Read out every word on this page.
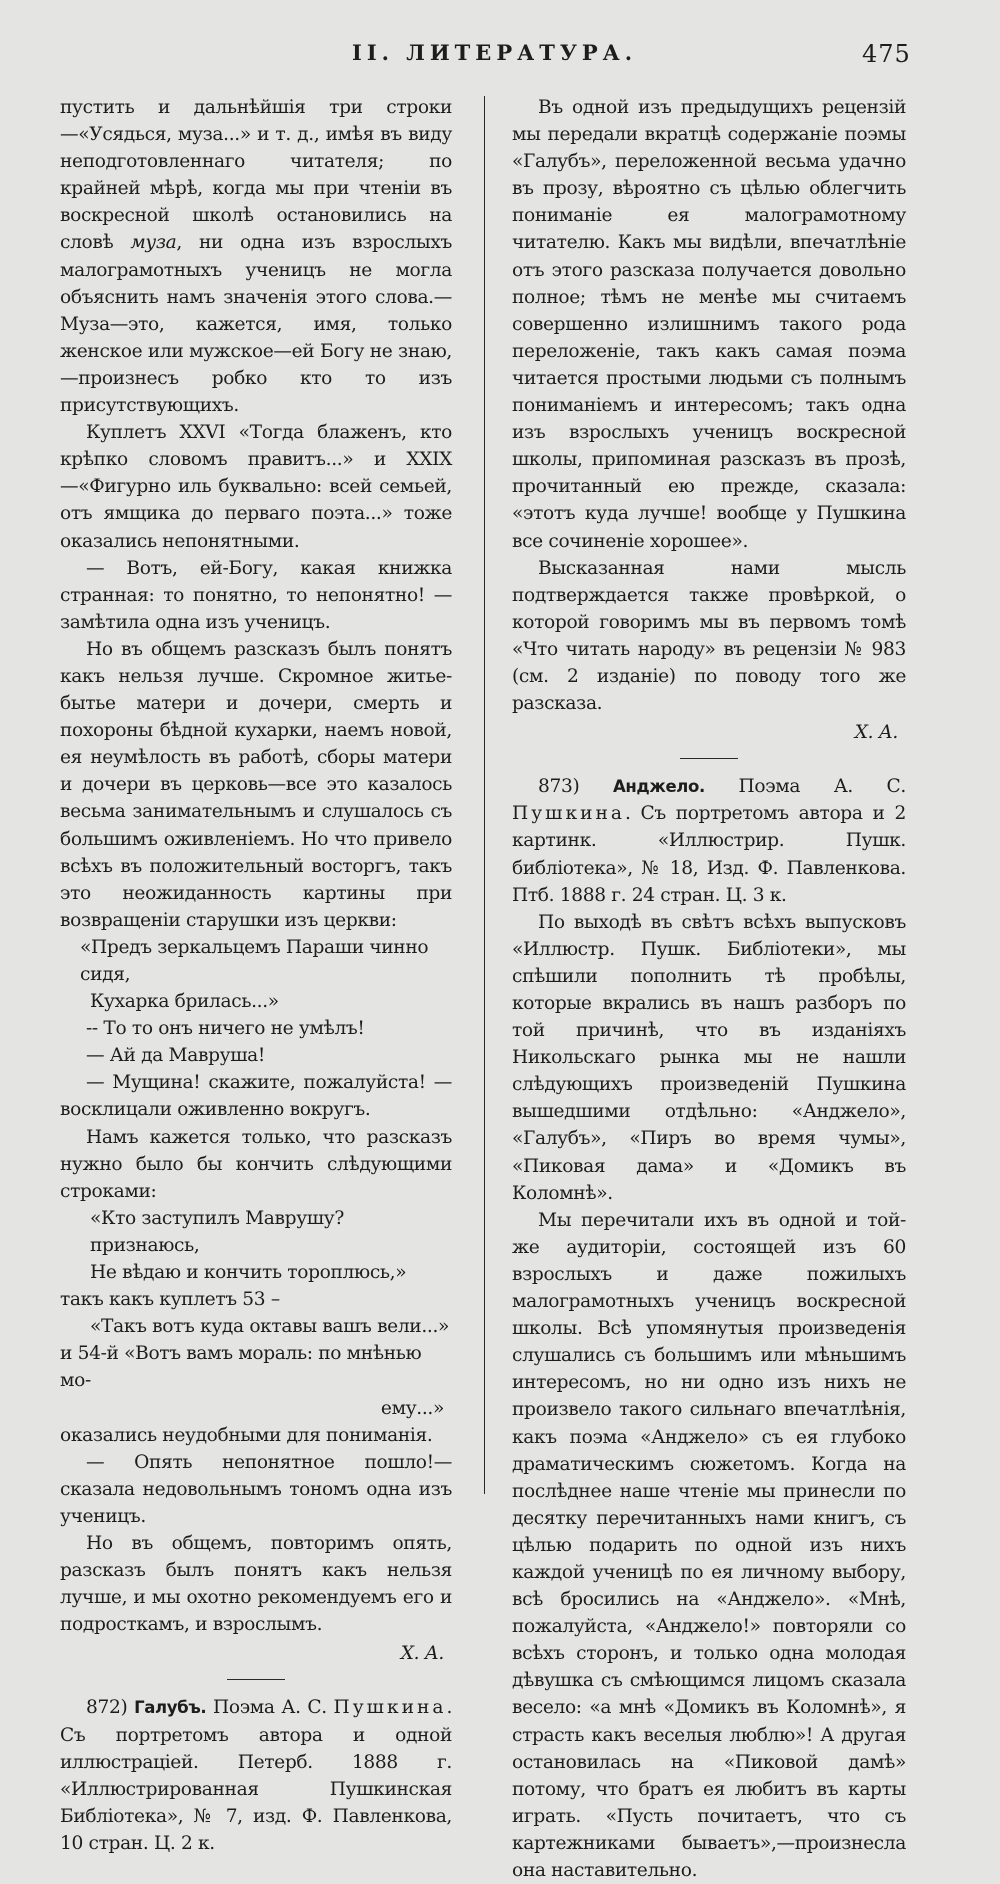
II. ЛИТЕРАТУРА.	475

пустить и дальнѣйшія три строки—«Усядься, муза...» и т. д., имѣя въ виду неподготовленнаго читателя; по крайней мѣрѣ, когда мы при чтеніи въ воскресной школѣ остановились на словѣ муза, ни одна изъ взрослыхъ малограмотныхъ ученицъ не могла объяснить намъ значенія этого слова.—Муза—это, кажется, имя, только женское или мужское—ей Богу не знаю,—произнесъ робко кто то изъ присутствующихъ.

Куплетъ XXVI «Тогда блаженъ, кто крѣпко словомъ правитъ...» и XXIX—«Фигурно иль буквально: всей семьей, отъ ямщика до перваго поэта...» тоже оказались непонятными.

— Вотъ, ей-Богу, какая книжка странная: то понятно, то непонятно! — замѣтила одна изъ ученицъ.

Но въ общемъ разсказъ былъ понятъ какъ нельзя лучше. Скромное житье-бытье матери и дочери, смерть и похороны бѣдной кухарки, наемъ новой, ея неумѣлость въ работѣ, сборы матери и дочери въ церковь—все это казалось весьма занимательнымъ и слушалось съ большимъ оживленіемъ. Но что привело всѣхъ въ положительный восторгъ, такъ это неожиданность картины при возвращеніи старушки изъ церкви:

«Предъ зеркальцемъ Параши чинно сидя,

Кухарка брилась...»

-- То то онъ ничего не умѣлъ!

— Ай да Мавруша!

— Мущина! скажите, пожалуйста! — восклицали оживленно вокругъ.

Намъ кажется только, что разсказъ нужно было бы кончить слѣдующими строками:

«Кто заступилъ Маврушу? признаюсь,

Не вѣдаю и кончить тороплюсь,»

такъ какъ куплетъ 53 –

«Такъ вотъ куда октавы вашъ вели...»

и 54-й «Вотъ вамъ мораль: по мнѣнью мо-

ему...»

оказались неудобными для пониманія.

— Опять непонятное пошло!—сказала недовольнымъ тономъ одна изъ ученицъ.

Но въ общемъ, повторимъ опять, разсказъ былъ понятъ какъ нельзя лучше, и мы охотно рекомендуемъ его и подросткамъ, и взрослымъ.

Х. А.

872) Галубъ. Поэма А. С. Пушкина. Съ портретомъ автора и одной иллюстраціей. Петерб. 1888 г. «Иллюстрированная Пушкинская Библіотека», № 7, изд. Ф. Павленкова, 10 стран. Ц. 2 к.

Въ одной изъ предыдущихъ рецензій мы передали вкратцѣ содержаніе поэмы «Галубъ», переложенной весьма удачно въ прозу, вѣроятно съ цѣлью облегчить пониманіе ея малограмотному читателю. Какъ мы видѣли, впечатлѣніе отъ этого разсказа получается довольно полное; тѣмъ не менѣе мы считаемъ совершенно излишнимъ такого рода переложеніе, такъ какъ самая поэма читается простыми людьми съ полнымъ пониманіемъ и интересомъ; такъ одна изъ взрослыхъ ученицъ воскресной школы, припоминая разсказъ въ прозѣ, прочитанный ею прежде, сказала: «этотъ куда лучше! вообще у Пушкина все сочиненіе хорошее».

Высказанная нами мысль подтверждается также провѣркой, о которой говоримъ мы въ первомъ томѣ «Что читать народу» въ рецензіи № 983 (см. 2 изданіе) по поводу того же разсказа.

Х. А.

873) Анджело. Поэма А. С. Пушкина. Съ портретомъ автора и 2 картинк. «Иллюстрир. Пушк. библіотека», № 18, Изд. Ф. Павленкова. Птб. 1888 г. 24 стран. Ц. 3 к.

По выходѣ въ свѣтъ всѣхъ выпусковъ «Иллюстр. Пушк. Библіотеки», мы спѣшили пополнить тѣ пробѣлы, которые вкрались въ нашъ разборъ по той причинѣ, что въ изданіяхъ Никольскаго рынка мы не нашли слѣдующихъ произведеній Пушкина вышедшими отдѣльно: «Анджело», «Галубъ», «Пиръ во время чумы», «Пиковая дама» и «Домикъ въ Коломнѣ».

Мы перечитали ихъ въ одной и той-же аудиторіи, состоящей изъ 60 взрослыхъ и даже пожилыхъ малограмотныхъ ученицъ воскресной школы. Всѣ упомянутыя произведенія слушались съ большимъ или мѣньшимъ интересомъ, но ни одно изъ нихъ не произвело такого сильнаго впечатлѣнія, какъ поэма «Анджело» съ ея глубоко драматическимъ сюжетомъ. Когда на послѣднее наше чтеніе мы принесли по десятку перечитанныхъ нами книгъ, съ цѣлью подарить по одной изъ нихъ каждой ученицѣ по ея личному выбору, всѣ бросились на «Анджело». «Мнѣ, пожалуйста, «Анджело!» повторяли со всѣхъ сторонъ, и только одна молодая дѣвушка съ смѣющимся лицомъ сказала весело: «а мнѣ «Домикъ въ Коломнѣ», я страсть какъ веселыя люблю»! А другая остановилась на «Пиковой дамѣ» потому, что братъ ея любитъ въ карты играть. «Пусть почитаетъ, что съ картежниками бываетъ»,—произнесла она наставительно.
